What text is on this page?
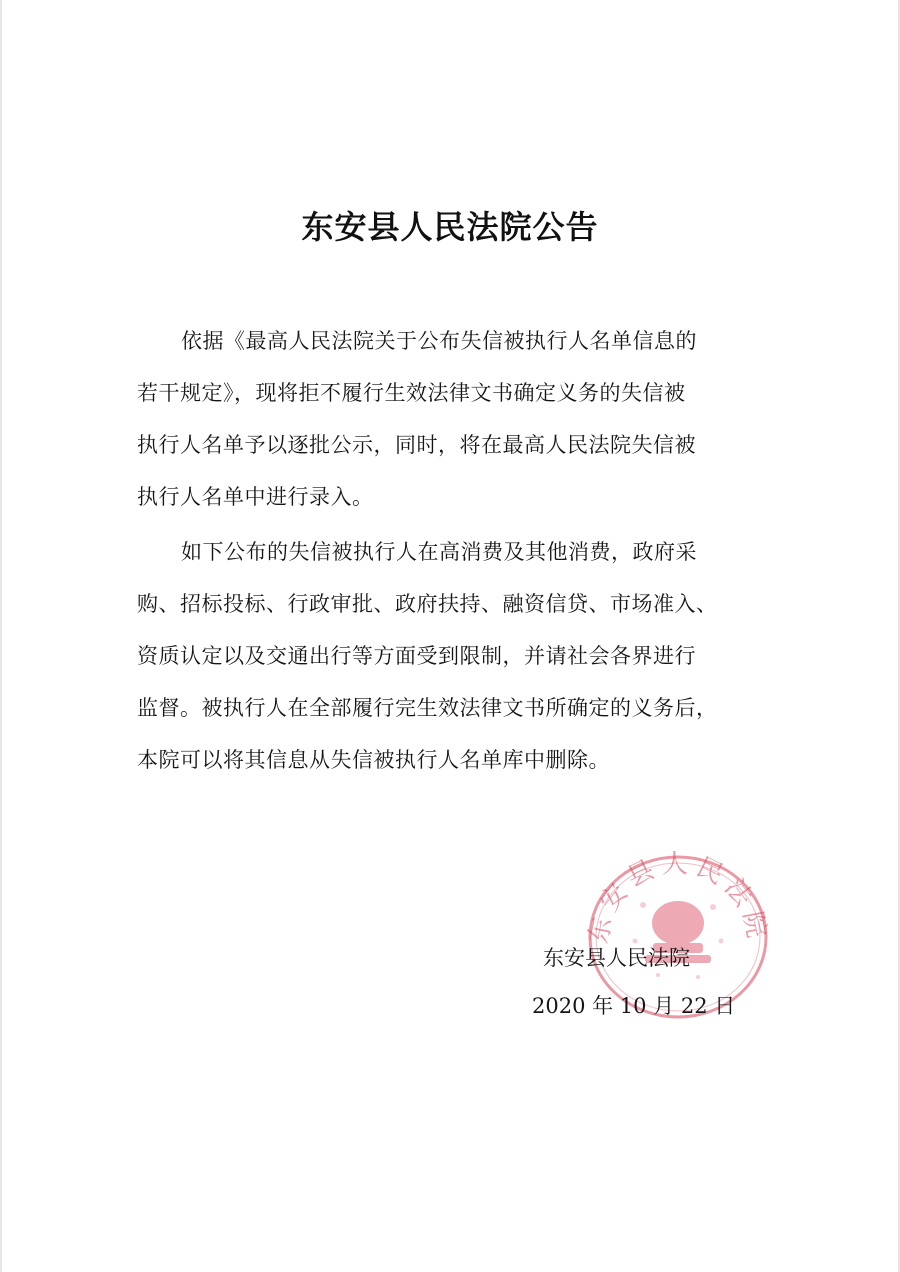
东安县人民法院公告
依据《最高人民法院关于公布失信被执行人名单信息的
若干规定》，现将拒不履行生效法律文书确定义务的失信被
执行人名单予以逐批公示，同时，将在最高人民法院失信被
执行人名单中进行录入。
如下公布的失信被执行人在高消费及其他消费，政府采
购、招标投标、行政审批、政府扶持、融资信贷、市场准入、
资质认定以及交通出行等方面受到限制，并请社会各界进行
监督。被执行人在全部履行完生效法律文书所确定的义务后，
本院可以将其信息从失信被执行人名单库中删除。
东安县人民法院
东安县人民法院
2020 年 10 月 22 日
